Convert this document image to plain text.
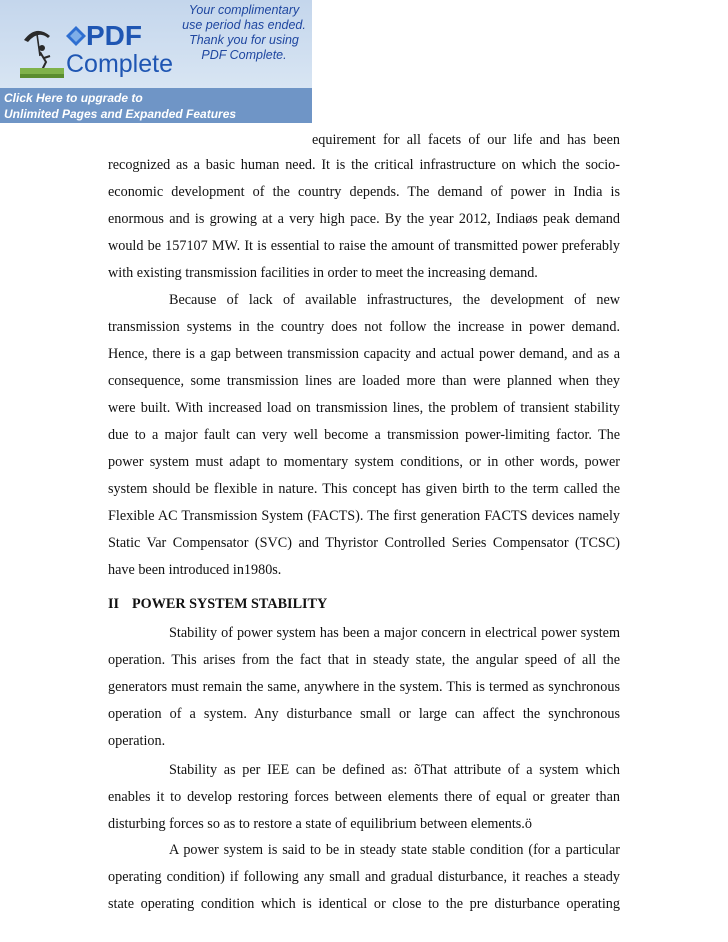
PDF
Complete
Your complimentary
use period has ended.
Thank you for using
PDF Complete.
Click Here to upgrade to
Unlimited Pages and Expanded Features
equirement for all facets of our life and has been
recognized as a basic human need. It is the critical infrastructure on which the socio-
economic development of the country depends. The demand of power in India is
enormous and is growing at a very high pace. By the year 2012, Indiaøs peak demand
would be 157107 MW. It is essential to raise the amount of transmitted power preferably
with existing transmission facilities in order to meet the increasing demand.
Because of lack of available infrastructures, the development of new
transmission systems in the country does not follow the increase in power demand.
Hence, there is a gap between transmission capacity and actual power demand, and as a
consequence, some transmission lines are loaded more than were planned when they
were built. With increased load on transmission lines, the problem of transient stability
due to a major fault can very well become a transmission power-limiting factor. The
power system must adapt to momentary system conditions, or in other words, power
system should be flexible in nature. This concept has given birth to the term called the
Flexible AC Transmission System (FACTS). The first generation FACTS devices namely
Static Var Compensator (SVC) and Thyristor Controlled Series Compensator (TCSC)
have been introduced in1980s.
II POWER SYSTEM STABILITY
Stability of power system has been a major concern in electrical power system
operation. This arises from the fact that in steady state, the angular speed of all the
generators must remain the same, anywhere in the system. This is termed as synchronous
operation of a system. Any disturbance small or large can affect the synchronous
operation.
Stability as per IEE can be defined as: õThat attribute of a system which
enables it to develop restoring forces between elements there of equal or greater than
disturbing forces so as to restore a state of equilibrium between elements.ö
A power system is said to be in steady state stable condition (for a particular
operating condition) if following any small and gradual disturbance, it reaches a steady
state operating condition which is identical or close to the pre disturbance operating
